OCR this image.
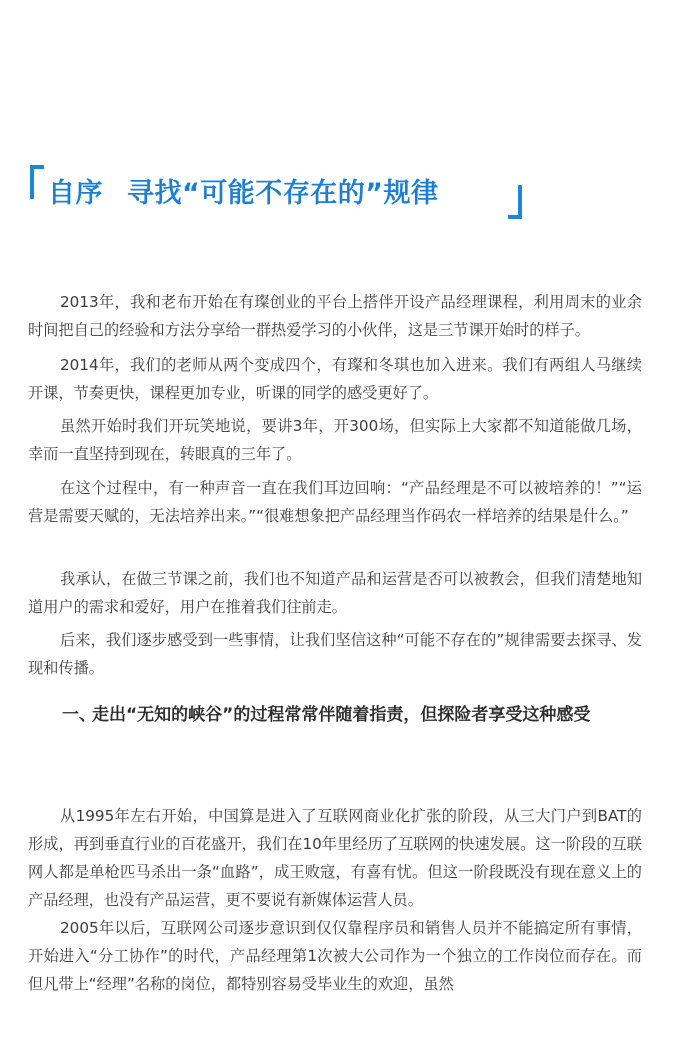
自序 寻找“可能不存在的”规律

2013年，我和老布开始在有璨创业的平台上搭伴开设产品经理课程，利用周末的业余时间把自己的经验和方法分享给一群热爱学习的小伙伴，这是三节课开始时的样子。

2014年，我们的老师从两个变成四个，有璨和冬琪也加入进来。我们有两组人马继续开课，节奏更快，课程更加专业，听课的同学的感受更好了。

虽然开始时我们开玩笑地说，要讲3年，开300场，但实际上大家都不知道能做几场，幸而一直坚持到现在，转眼真的三年了。

在这个过程中，有一种声音一直在我们耳边回响：“产品经理是不可以被培养的！”“运营是需要天赋的，无法培养出来。”“很难想象把产品经理当作码农一样培养的结果是什么。”

我承认，在做三节课之前，我们也不知道产品和运营是否可以被教会，但我们清楚地知道用户的需求和爱好，用户在推着我们往前走。

后来，我们逐步感受到一些事情，让我们坚信这种“可能不存在的”规律需要去探寻、发现和传播。

一、
走出“无知的峡谷”的过程常常伴随着指责，但探险者享受这种感受

从1995年左右开始，中国算是进入了互联网商业化扩张的阶段，从三大门户到BAT的形成，再到垂直行业的百花盛开，我们在10年里经历了互联网的快速发展。这一阶段的互联网人都是单枪匹马杀出一条“血路”，成王败寇，有喜有忧。但这一阶段既没有现在意义上的产品经理，也没有产品运营，更不要说有新媒体运营人员。

2005年以后，互联网公司逐步意识到仅仅靠程序员和销售人员并不能搞定所有事情，开始进入“分工协作”的时代，产品经理第1次被大公司作为一个独立的工作岗位而存在。而但凡带上“经理”名称的岗位，都特别容易受毕业生的欢迎，虽然
